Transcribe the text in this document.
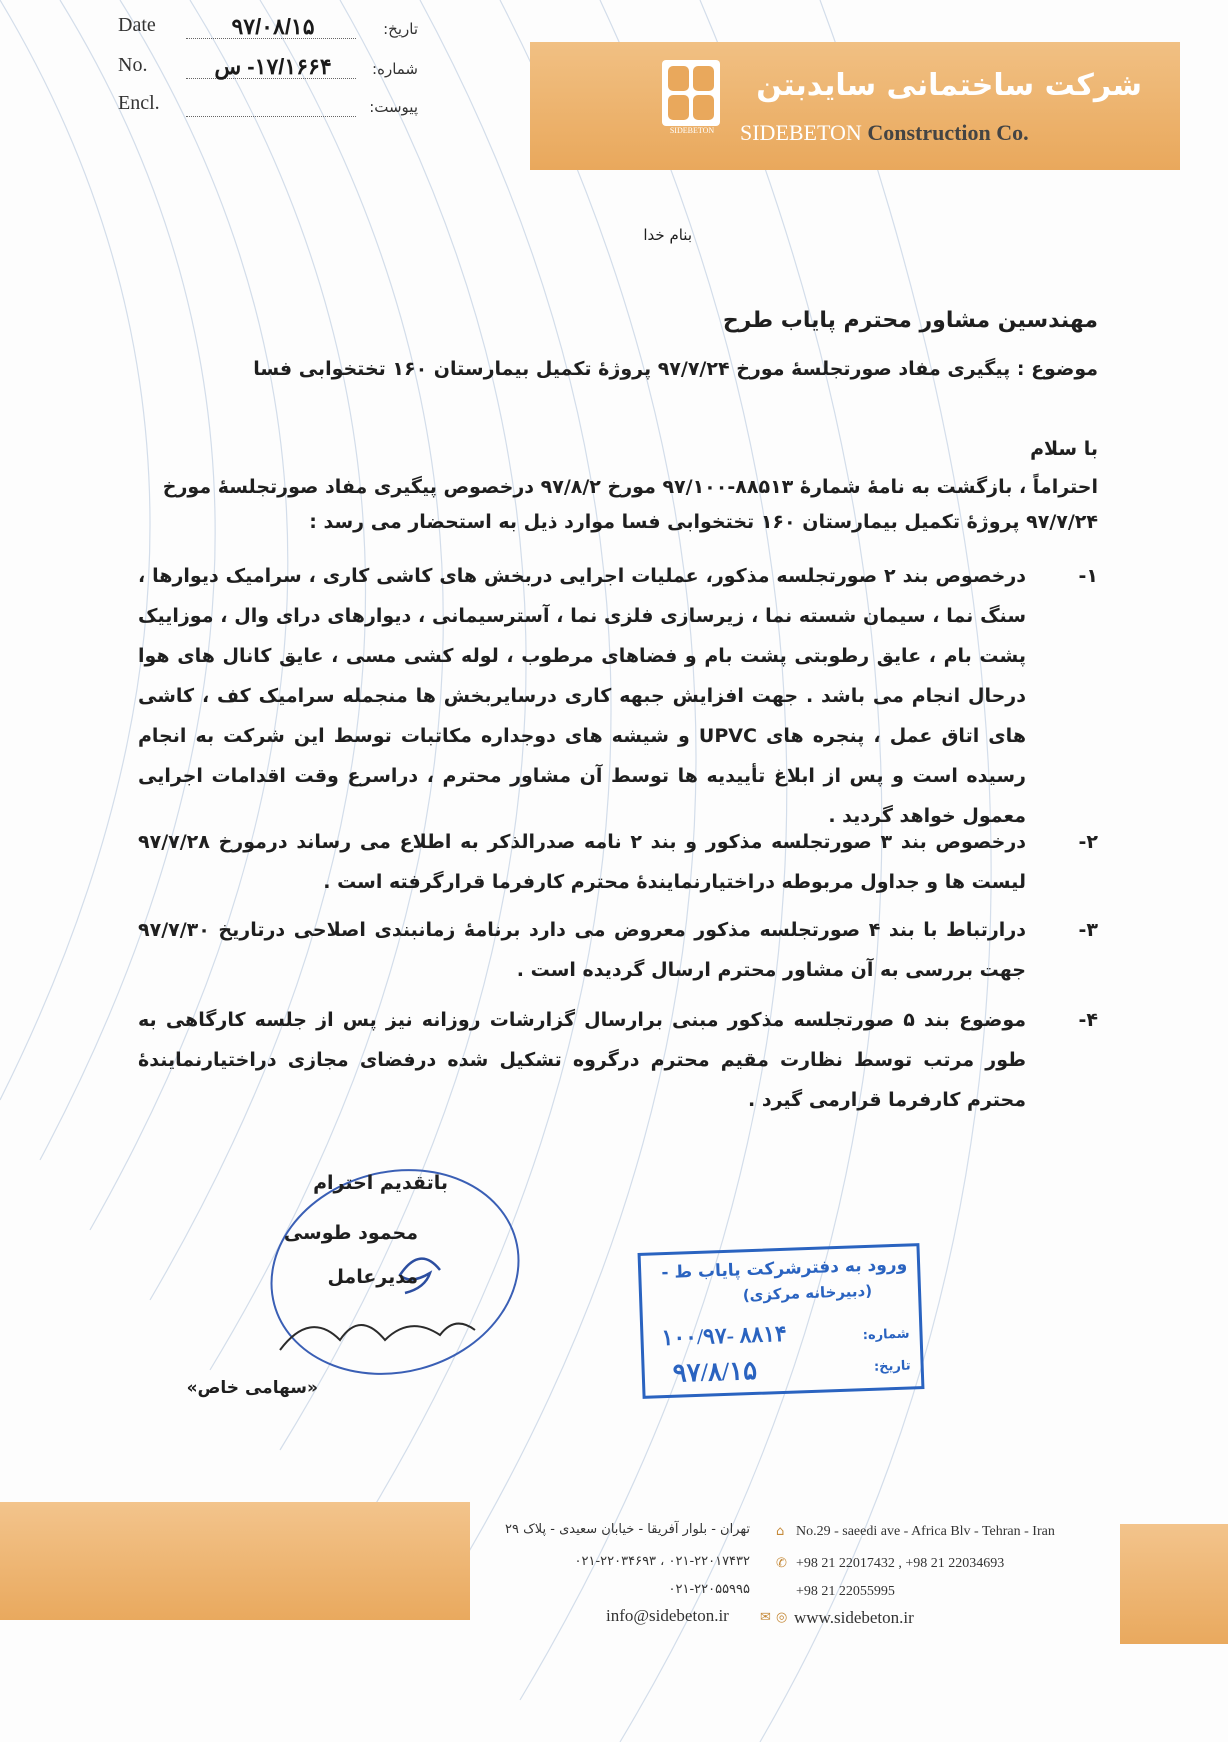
Date	۹۷/۰۸/۱۵	تاریخ:
No.	۱۷/۱۶۶۴- س	شماره:
Encl.	پیوست:
SIDEBETON
شرکت ساختمانی سایدبتن
SIDEBETON Construction Co.
بنام خدا
مهندسین مشاور محترم پایاب طرح
موضوع : پیگیری مفاد صورتجلسهٔ مورخ ۹۷/۷/۲۴ پروژهٔ تکمیل بیمارستان ۱۶۰ تختخوابی فسا
با سلام
احتراماً ، بازگشت به نامهٔ شمارهٔ ۸۸۵۱۳-۹۷/۱۰۰ مورخ ۹۷/۸/۲ درخصوص پیگیری مفاد صورتجلسهٔ مورخ ۹۷/۷/۲۴ پروژهٔ تکمیل بیمارستان ۱۶۰ تختخوابی فسا موارد ذیل به استحضار می رسد :
۱-
درخصوص بند ۲ صورتجلسه مذکور، عملیات اجرایی دربخش های کاشی کاری ، سرامیک دیوارها ، سنگ نما ، سیمان شسته نما ، زیرسازی فلزی نما ، آسترسیمانی ، دیوارهای درای وال ، موزاییک پشت بام ، عایق رطوبتی پشت بام و فضاهای مرطوب ، لوله کشی مسی ، عایق کانال های هوا درحال انجام می باشد . جهت افزایش جبهه کاری درسایربخش ها منجمله سرامیک کف ، کاشی های اتاق عمل ، پنجره های UPVC و شیشه های دوجداره مکاتبات توسط این شرکت به انجام رسیده است و پس از ابلاغ تأییدیه ها توسط آن مشاور محترم ، دراسرع وقت اقدامات اجرایی معمول خواهد گردید .
۲-
درخصوص بند ۳ صورتجلسه مذکور و بند ۲ نامه صدرالذکر به اطلاع می رساند درمورخ ۹۷/۷/۲۸ لیست ها و جداول مربوطه دراختیارنمایندهٔ محترم کارفرما قرارگرفته است .
۳-
درارتباط با بند ۴ صورتجلسه مذکور معروض می دارد برنامهٔ زمانبندی اصلاحی درتاریخ ۹۷/۷/۳۰ جهت بررسی به آن مشاور محترم ارسال گردیده است .
۴-
موضوع بند ۵ صورتجلسه مذکور مبنی برارسال گزارشات روزانه نیز پس از جلسه کارگاهی به طور مرتب توسط نظارت مقیم محترم درگروه تشکیل شده درفضای مجازی دراختیارنمایندهٔ محترم کارفرما قرارمی گیرد .
باتقدیم احترام
محمود طوسی
مدیرعامل
«سهامی خاص»
ورود به دفترشرکت پایاب ط -
(دبیرخانه مرکزی)
شماره:
۱۰۰/۹۷- ۸۸۱۴
تاریخ:
۹۷/۸/۱۵
تهران - بلوار آفریقا - خیابان سعیدی - پلاک ۲۹ ⌂ No.29 - saeedi ave - Africa Blv - Tehran - Iran
۰۲۱-۲۲۰۱۷۴۳۲ ، ۰۲۱-۲۲۰۳۴۶۹۳ ✆ +98 21 22017432 , +98 21 22034693
۰۲۱-۲۲۰۵۵۹۹۵	+98 21 22055995
info@sidebeton.ir ✉ ◎ www.sidebeton.ir
